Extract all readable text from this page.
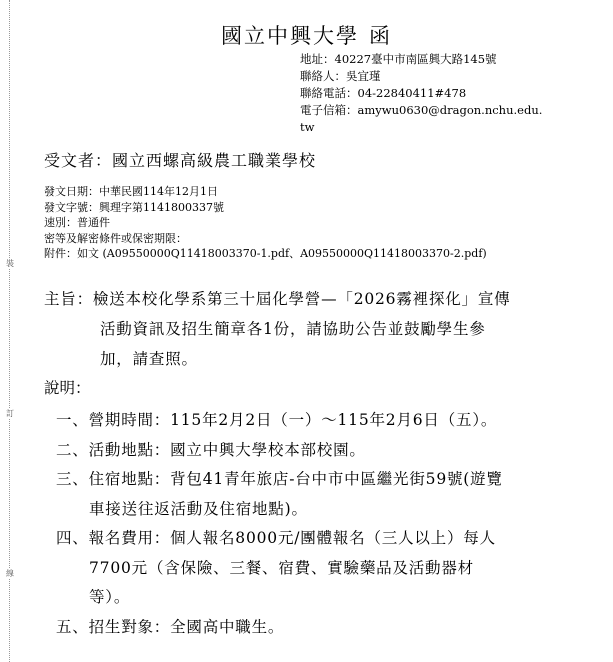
裝
訂
線
國立中興大學 函
地址：40227臺中市南區興大路145號
聯絡人：吳宜瑾
聯絡電話：04-22840411#478
電子信箱：amywu0630@dragon.nchu.edu.
tw
受文者：國立西螺高級農工職業學校
發文日期：中華民國114年12月1日
發文字號：興理字第1141800337號
速別：普通件
密等及解密條件或保密期限：
附件：如文 (A09550000Q11418003370-1.pdf、A09550000Q11418003370-2.pdf)
主旨：檢送本校化學系第三十屆化學營—「2026霧裡探化」宣傳
活動資訊及招生簡章各1份，請協助公告並鼓勵學生參
加，請查照。
說明：
一、營期時間：115年2月2日（一）～115年2月6日（五）。
二、活動地點：國立中興大學校本部校園。
三、住宿地點：背包41青年旅店-台中市中區繼光街59號(遊覽
車接送往返活動及住宿地點)。
四、報名費用：個人報名8000元/團體報名（三人以上）每人
7700元（含保險、三餐、宿費、實驗藥品及活動器材
等）。
五、招生對象：全國高中職生。
